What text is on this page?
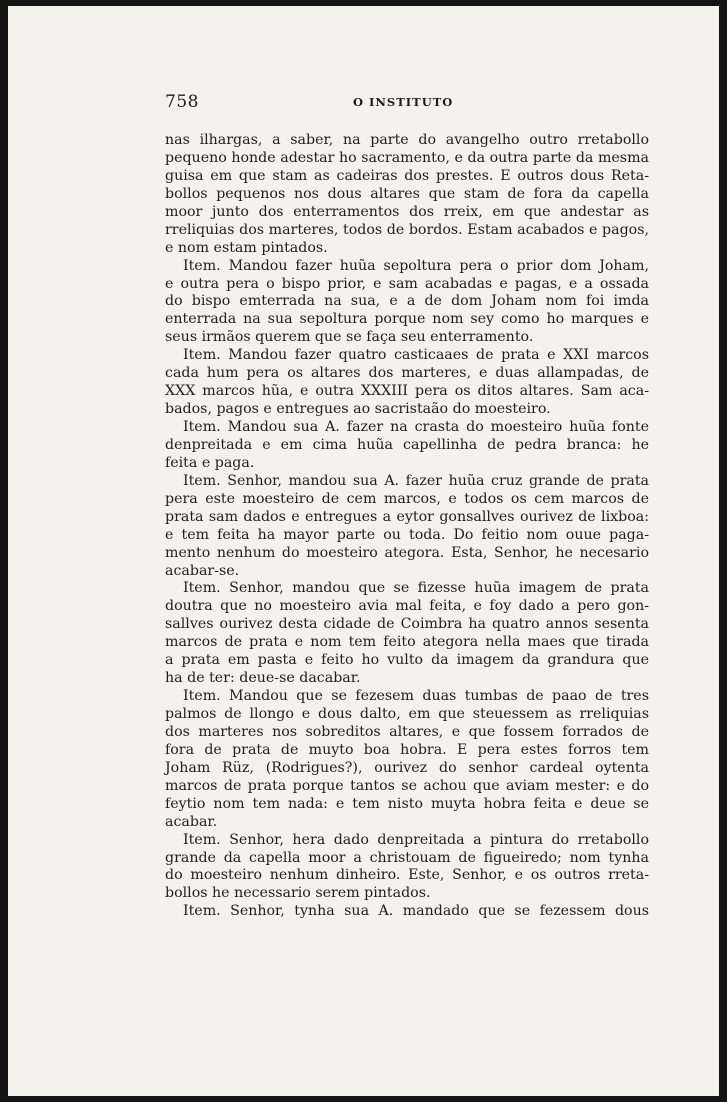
758	O INSTITUTO
nas ilhargas, a saber, na parte do avangelho outro rretabollo
pequeno honde adestar ho sacramento, e da outra parte da mesma
guisa em que stam as cadeiras dos prestes. E outros dous Reta-
bollos pequenos nos dous altares que stam de fora da capella
moor junto dos enterramentos dos rreix, em que andestar as
rreliquias dos marteres, todos de bordos. Estam acabados e pagos,
e nom estam pintados.
Item. Mandou fazer huũa sepoltura pera o prior dom Joham,
e outra pera o bispo prior, e sam acabadas e pagas, e a ossada
do bispo emterrada na sua, e a de dom Joham nom foi imda
enterrada na sua sepoltura porque nom sey como ho marques e
seus irmãos querem que se faça seu enterramento.
Item. Mandou fazer quatro casticaaes de prata e XXI marcos
cada hum pera os altares dos marteres, e duas allampadas, de
XXX marcos hũa, e outra XXXIII pera os ditos altares. Sam aca-
bados, pagos e entregues ao sacristaão do moesteiro.
Item. Mandou sua A. fazer na crasta do moesteiro huũa fonte
denpreitada e em cima huũa capellinha de pedra branca: he
feita e paga.
Item. Senhor, mandou sua A. fazer huũa cruz grande de prata
pera este moesteiro de cem marcos, e todos os cem marcos de
prata sam dados e entregues a eytor gonsallves ourivez de lixboa:
e tem feita ha mayor parte ou toda. Do feitio nom ouue paga-
mento nenhum do moesteiro ategora. Esta, Senhor, he necesario
acabar-se.
Item. Senhor, mandou que se fizesse huũa imagem de prata
doutra que no moesteiro avia mal feita, e foy dado a pero gon-
sallves ourivez desta cidade de Coimbra ha quatro annos sesenta
marcos de prata e nom tem feito ategora nella maes que tirada
a prata em pasta e feito ho vulto da imagem da grandura que
ha de ter: deue-se dacabar.
Item. Mandou que se fezesem duas tumbas de paao de tres
palmos de llongo e dous dalto, em que steuessem as rreliquias
dos marteres nos sobreditos altares, e que fossem forrados de
fora de prata de muyto boa hobra. E pera estes forros tem
Joham Rüz, (Rodrigues?), ourivez do senhor cardeal oytenta
marcos de prata porque tantos se achou que aviam mester: e do
feytio nom tem nada: e tem nisto muyta hobra feita e deue se
acabar.
Item. Senhor, hera dado denpreitada a pintura do rretabollo
grande da capella moor a christouam de figueiredo; nom tynha
do moesteiro nenhum dinheiro. Este, Senhor, e os outros rreta-
bollos he necessario serem pintados.
Item. Senhor, tynha sua A. mandado que se fezessem dous
